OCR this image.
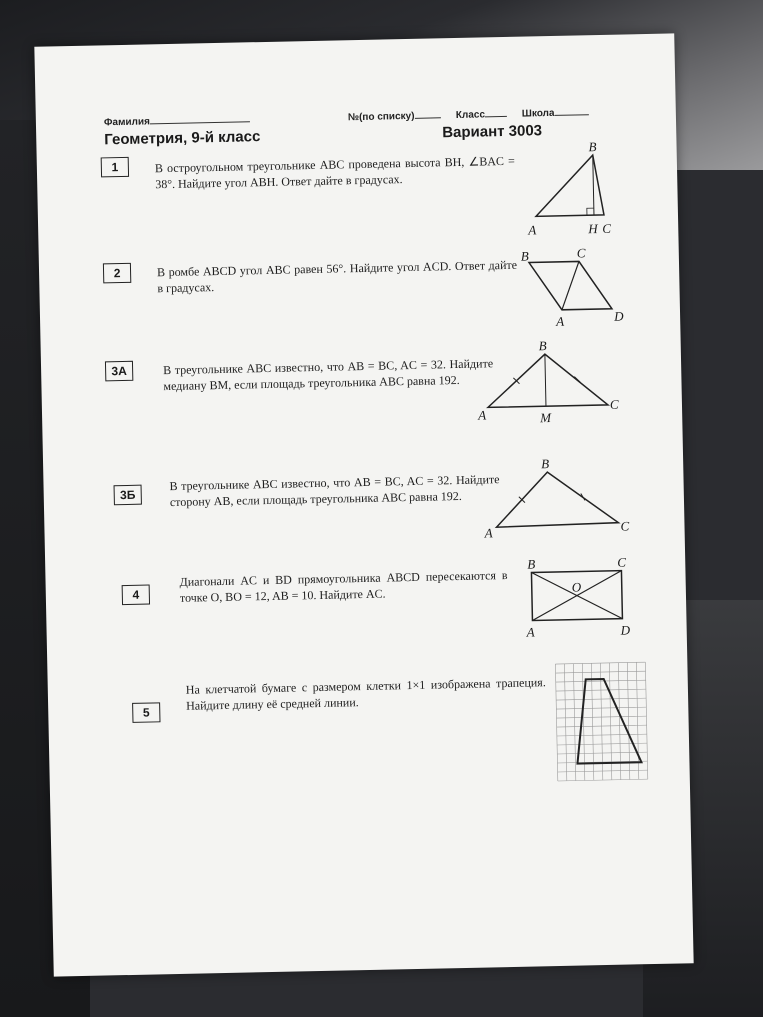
Фамилия	№(по списку)	Класс	Школа
Геометрия, 9-й класс	Вариант 3003
1	В остроугольном треугольнике ABC проведена высота BH, ∠BAC = 38°. Найдите угол ABH. Ответ дайте в градусах.
A
B
H C
2	В ромбе ABCD угол ABC равен 56°. Найдите угол ACD. Ответ дайте в градусах.
B	C
A	D
3А	В треугольнике ABC известно, что AB = BC, AC = 32. Найдите медиану BM, если площадь треугольника ABC равна 192.
A
B
C
M
3Б
В треугольнике ABC известно, что AB = BC, AC = 32. Найдите сторону AB, если площадь треугольника ABC равна 192.
A
B
C
4
Диагонали AC и BD прямоугольника ABCD пересекаются в точке O, BO = 12, AB = 10. Найдите AC.
B	C
A	D
O
5
На клетчатой бумаге с размером клетки 1×1 изображена трапеция. Найдите длину её средней линии.
